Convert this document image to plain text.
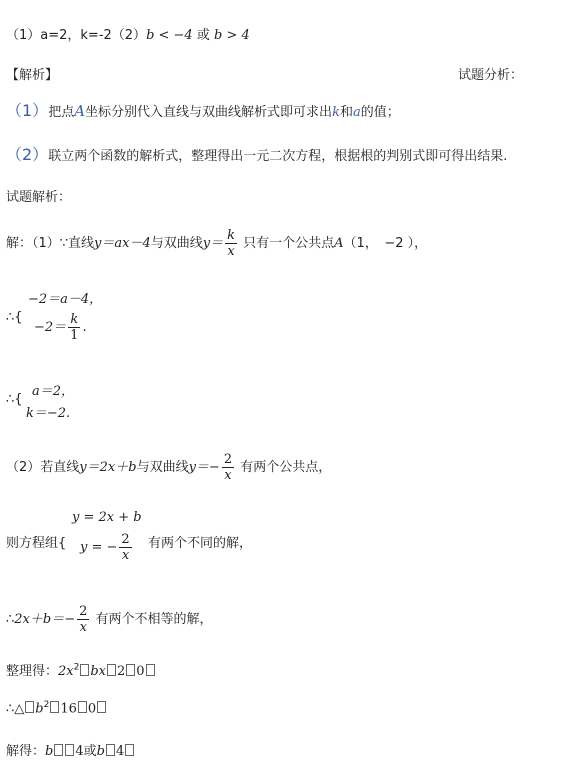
（1）a=2，k=-2（2）b < −4 或 b > 4
【解析】	试题分析：
（1）把点A坐标分别代入直线与双曲线解析式即可求出k和a的值；
（2）联立两个函数的解析式，整理得出一元二次方程，根据根的判别式即可得出结果.
试题解析：
解：（1）∵直线y＝ax－4与双曲线$y= \frac{k}{x}$ 只有一个公共点A（1，　−2 ），
−2＝a－4，
∴{
$-2= \frac{k}{1}$ .
a＝2，
∴{
k＝−2.
（2）若直线y＝2x＋b与双曲线$y=- \frac{2}{x}$ 有两个公共点，
y = 2x + b
则方程组{ y = − $\frac{2}{x}$ 有两个不同的解，
∴2x＋b＝− $\frac{2}{x}$ 有两个不相等的解，
整理得：$2x^2$ bx 2 0
∴△ $b^2$ 16 0
解得：b 4或b 4
